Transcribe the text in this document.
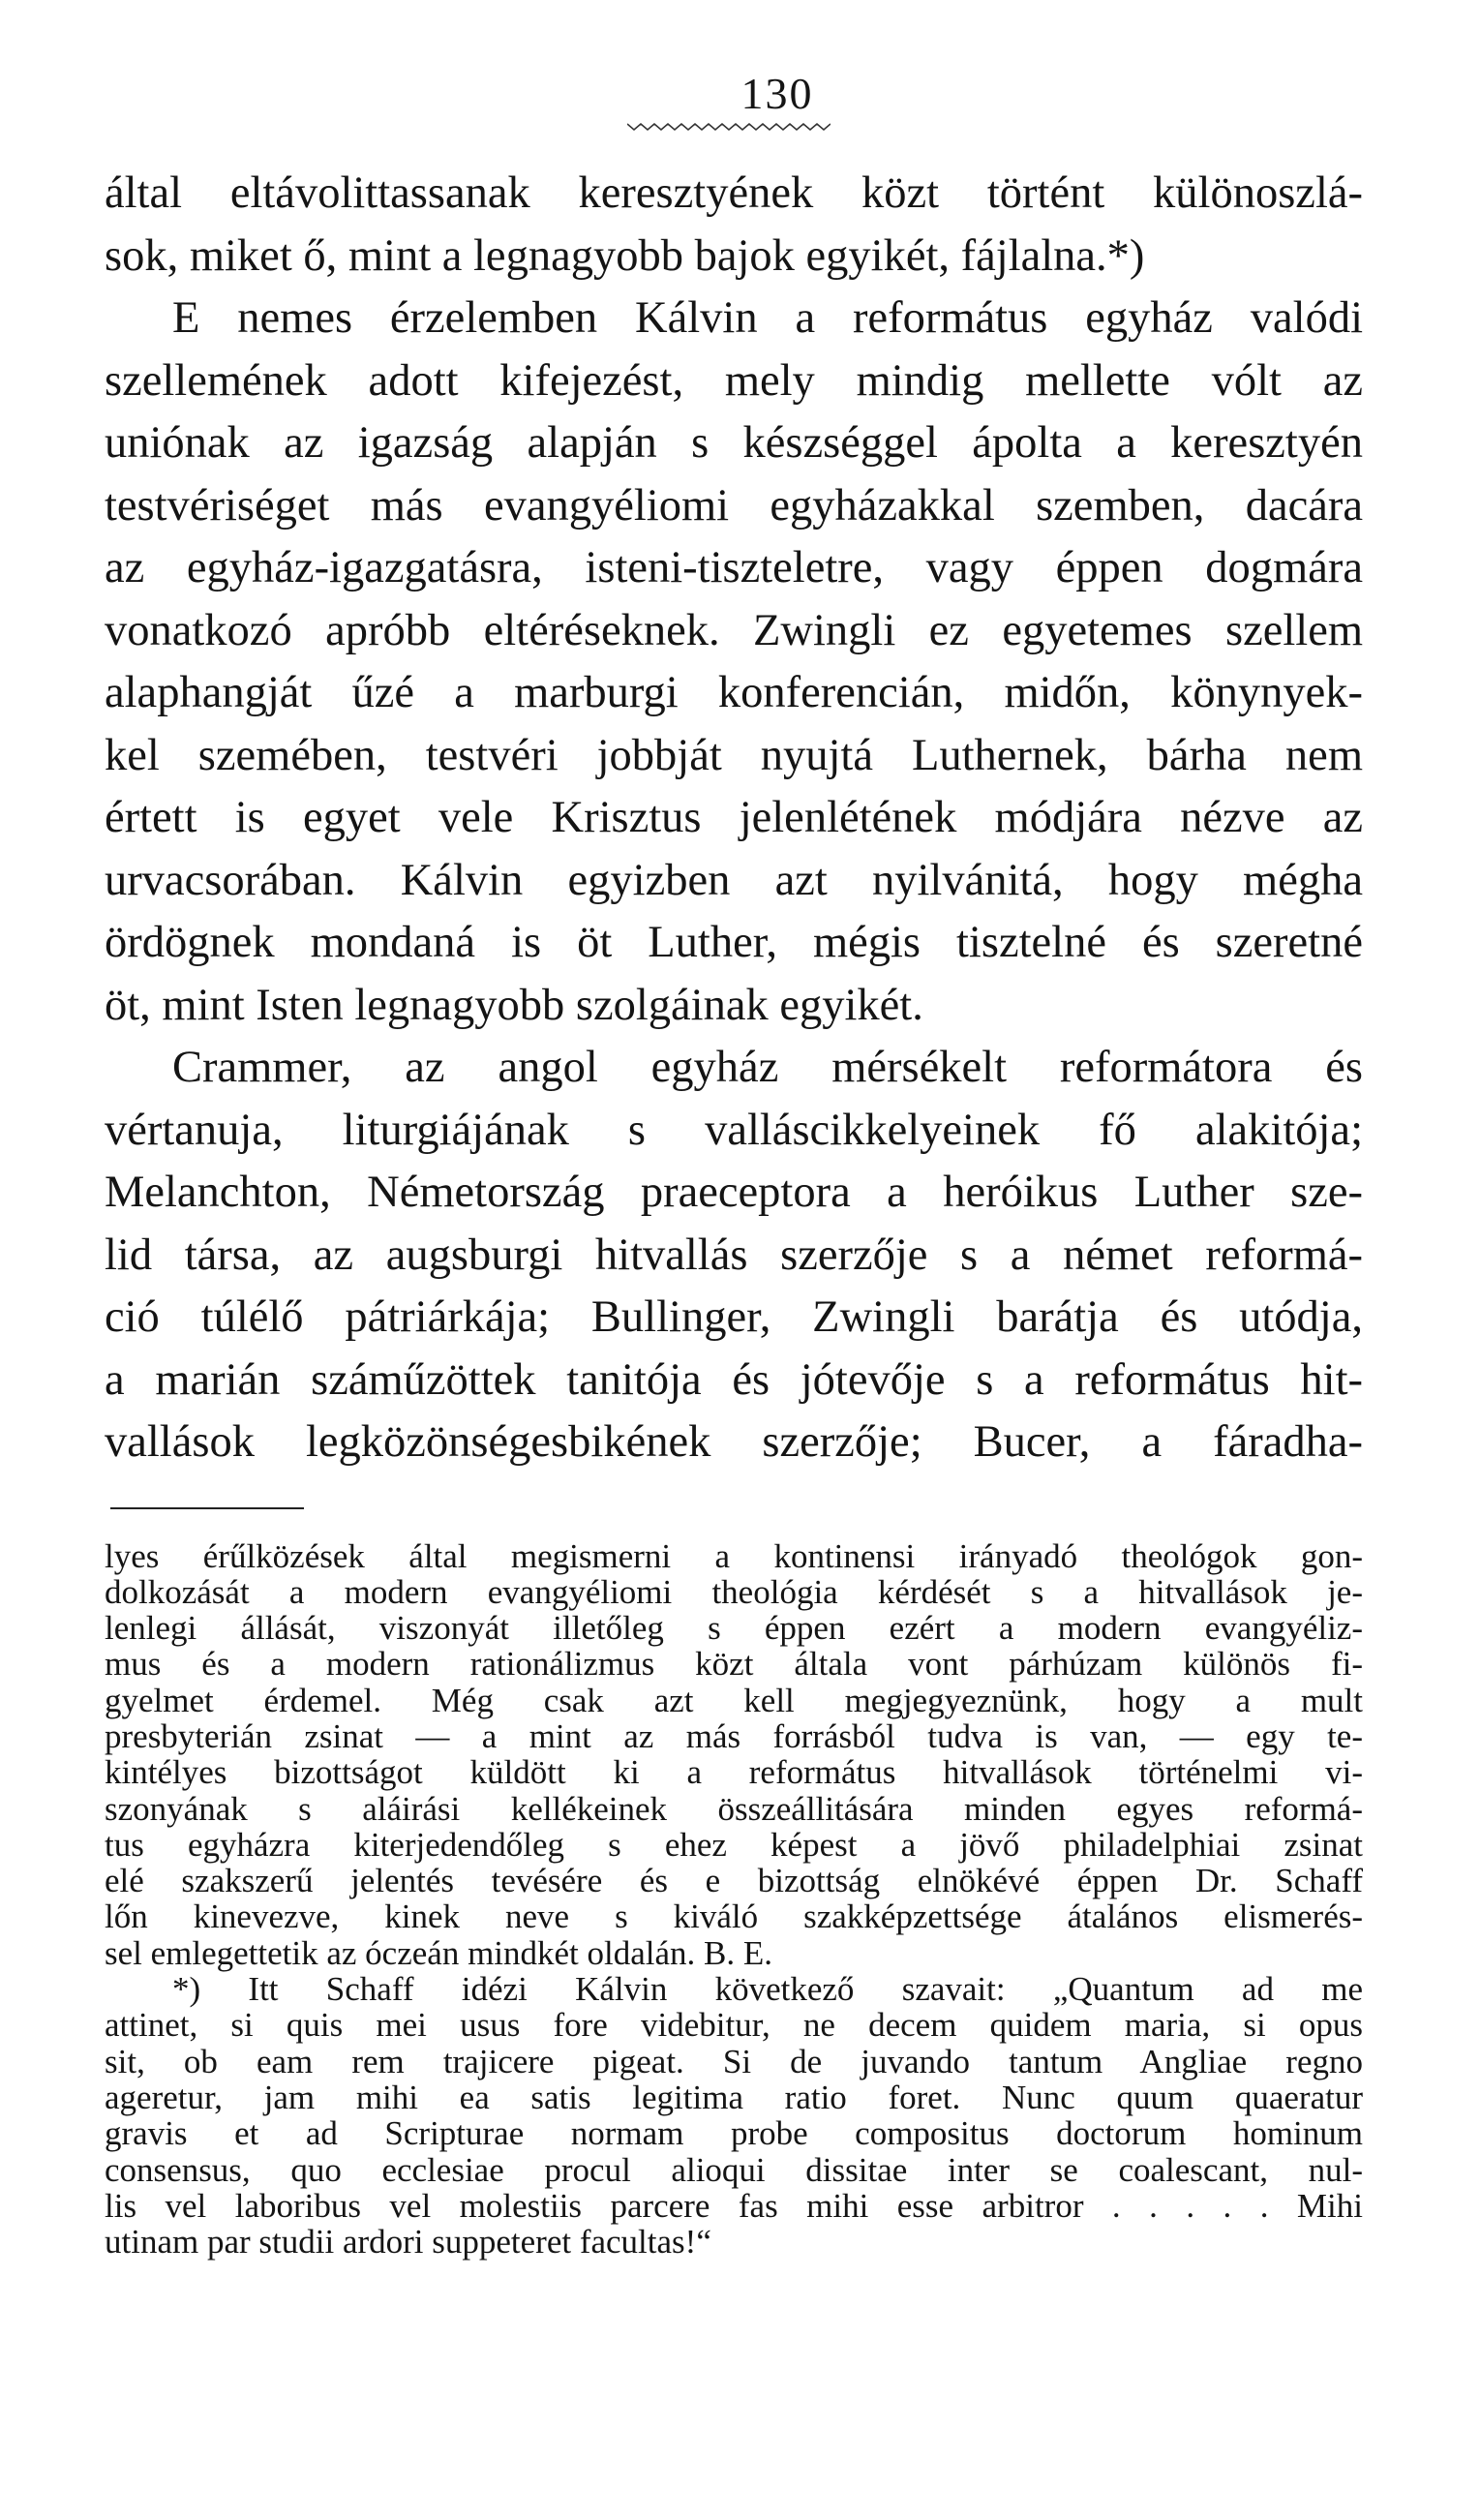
130
által eltávolittassanak keresztyének közt történt különoszlá-
sok, miket ő, mint a legnagyobb bajok egyikét, fájlalna.*)
E nemes érzelemben Kálvin a református egyház valódi
szellemének adott kifejezést, mely mindig mellette vólt az
uniónak az igazság alapján s készséggel ápolta a keresztyén
testvériséget más evangyéliomi egyházakkal szemben, dacára
az egyház-igazgatásra, isteni-tiszteletre, vagy éppen dogmára
vonatkozó apróbb eltéréseknek. Zwingli ez egyetemes szellem
alaphangját űzé a marburgi konferencián, midőn, könynyek-
kel szemében, testvéri jobbját nyujtá Luthernek, bárha nem
értett is egyet vele Krisztus jelenlétének módjára nézve az
urvacsorában. Kálvin egyizben azt nyilvánitá, hogy mégha
ördögnek mondaná is öt Luther, mégis tisztelné és szeretné
öt, mint Isten legnagyobb szolgáinak egyikét.
Crammer, az angol egyház mérsékelt reformátora és
vértanuja, liturgiájának s valláscikkelyeinek fő alakitója;
Melanchton, Németország praeceptora a heróikus Luther sze-
lid társa, az augsburgi hitvallás szerzője s a német reformá-
ció túlélő pátriárkája; Bullinger, Zwingli barátja és utódja,
a marián száműzöttek tanitója és jótevője s a református hit-
vallások legközönségesbikének szerzője; Bucer, a fáradha-
lyes érűlközések által megismerni a kontinensi irányadó theológok gon-
dolkozását a modern evangyéliomi theológia kérdését s a hitvallások je-
lenlegi állását, viszonyát illetőleg s éppen ezért a modern evangyéliz-
mus és a modern rationálizmus közt általa vont párhúzam különös fi-
gyelmet érdemel. Még csak azt kell megjegyeznünk, hogy a mult
presbyterián zsinat — a mint az más forrásból tudva is van, — egy te-
kintélyes bizottságot küldött ki a református hitvallások történelmi vi-
szonyának s aláirási kellékeinek összeállitására minden egyes reformá-
tus egyházra kiterjedendőleg s ehez képest a jövő philadelphiai zsinat
elé szakszerű jelentés tevésére és e bizottság elnökévé éppen Dr. Schaff
lőn kinevezve, kinek neve s kiváló szakképzettsége átalános elismerés-
sel emlegettetik az óczeán mindkét oldalán. B. E.
*) Itt Schaff idézi Kálvin következő szavait: „Quantum ad me
attinet, si quis mei usus fore videbitur, ne decem quidem maria, si opus
sit, ob eam rem trajicere pigeat. Si de juvando tantum Angliae regno
ageretur, jam mihi ea satis legitima ratio foret. Nunc quum quaeratur
gravis et ad Scripturae normam probe compositus doctorum hominum
consensus, quo ecclesiae procul alioqui dissitae inter se coalescant, nul-
lis vel laboribus vel molestiis parcere fas mihi esse arbitror . . . . . Mihi
utinam par studii ardori suppeteret facultas!“
